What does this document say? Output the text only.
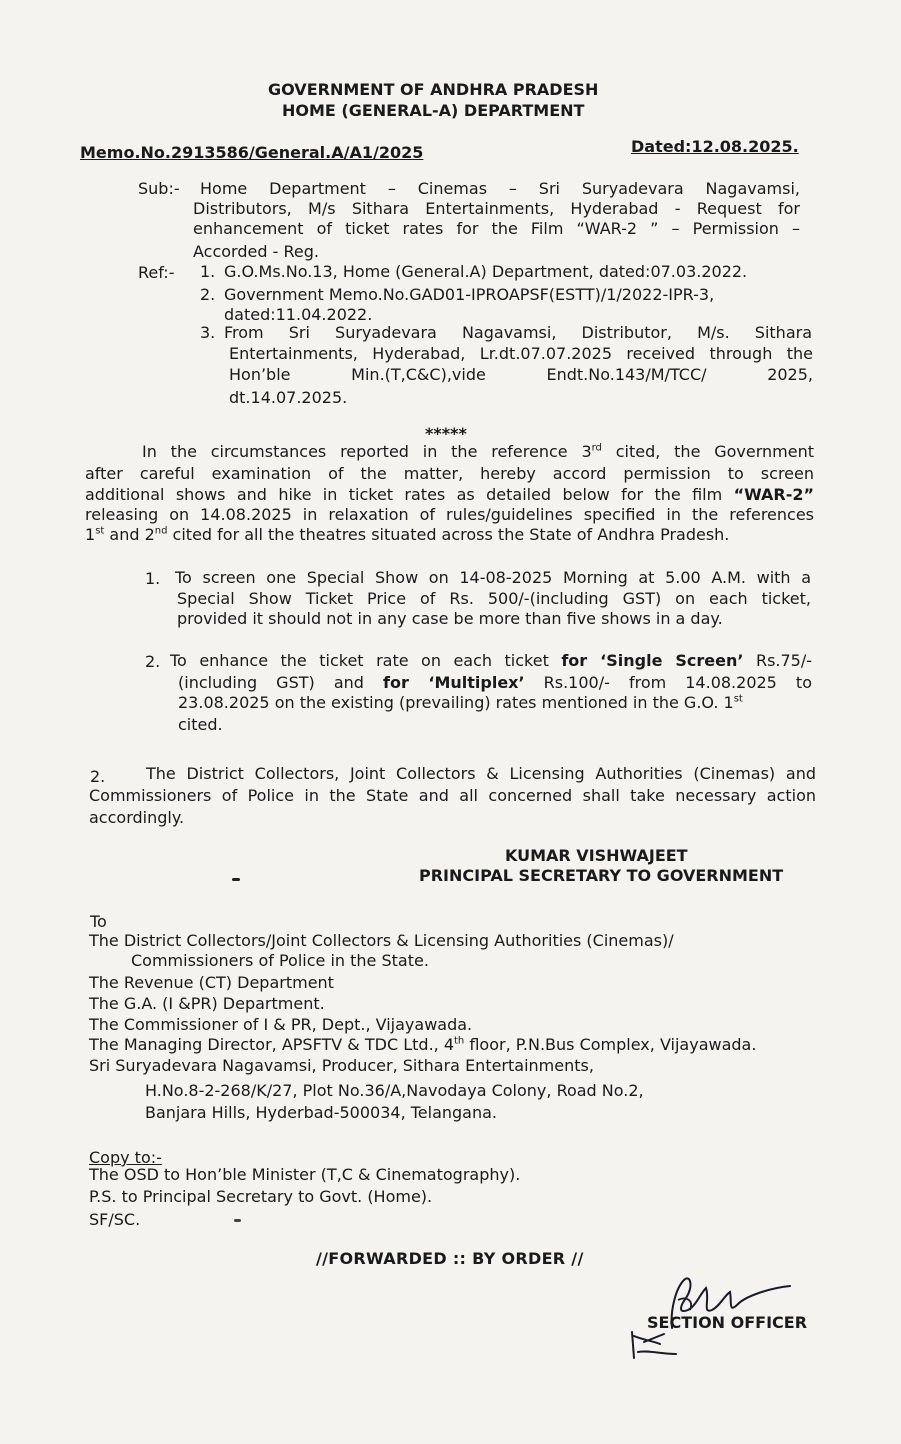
GOVERNMENT OF ANDHRA PRADESH
HOME (GENERAL-A) DEPARTMENT
Memo.No.2913586/General.A/A1/2025	Dated:12.08.2025.
Sub:- Home Department – Cinemas – Sri Suryadevara Nagavamsi,
Distributors, M/s Sithara Entertainments, Hyderabad - Request for
enhancement of ticket rates for the Film “WAR-2 ” – Permission –
Accorded - Reg.
Ref:- 1. G.O.Ms.No.13, Home (General.A) Department, dated:07.03.2022.
2. Government Memo.No.GAD01-IPROAPSF(ESTT)/1/2022-IPR-3,
dated:11.04.2022.
3. From Sri Suryadevara Nagavamsi, Distributor, M/s. Sithara
Entertainments, Hyderabad, Lr.dt.07.07.2025 received through the
Hon’ble Min.(T,C&C),vide Endt.No.143/M/TCC/ 2025,
dt.14.07.2025.
*****
In the circumstances reported in the reference 3rd cited, the Government
after careful examination of the matter, hereby accord permission to screen
additional shows and hike in ticket rates as detailed below for the film “WAR-2”
releasing on 14.08.2025 in relaxation of rules/guidelines specified in the references
1st and 2nd cited for all the theatres situated across the State of Andhra Pradesh.
1. To screen one Special Show on 14-08-2025 Morning at 5.00 A.M. with a
Special Show Ticket Price of Rs. 500/-(including GST) on each ticket,
provided it should not in any case be more than five shows in a day.
2. To enhance the ticket rate on each ticket for ‘Single Screen’ Rs.75/-
(including GST) and for ‘Multiplex’ Rs.100/- from 14.08.2025 to
23.08.2025 on the existing (prevailing) rates mentioned in the G.O. 1st
cited.
2.	The District Collectors, Joint Collectors & Licensing Authorities (Cinemas) and
Commissioners of Police in the State and all concerned shall take necessary action
accordingly.
KUMAR VISHWAJEET
PRINCIPAL SECRETARY TO GOVERNMENT
To
The District Collectors/Joint Collectors & Licensing Authorities (Cinemas)/
Commissioners of Police in the State.
The Revenue (CT) Department
The G.A. (I &PR) Department.
The Commissioner of I & PR, Dept., Vijayawada.
The Managing Director, APSFTV & TDC Ltd., 4th floor, P.N.Bus Complex, Vijayawada.
Sri Suryadevara Nagavamsi, Producer, Sithara Entertainments,
H.No.8-2-268/K/27, Plot No.36/A,Navodaya Colony, Road No.2,
Banjara Hills, Hyderbad-500034, Telangana.
Copy to:-
The OSD to Hon’ble Minister (T,C & Cinematography).
P.S. to Principal Secretary to Govt. (Home).
SF/SC.
//FORWARDED :: BY ORDER //
SECTION OFFICER
